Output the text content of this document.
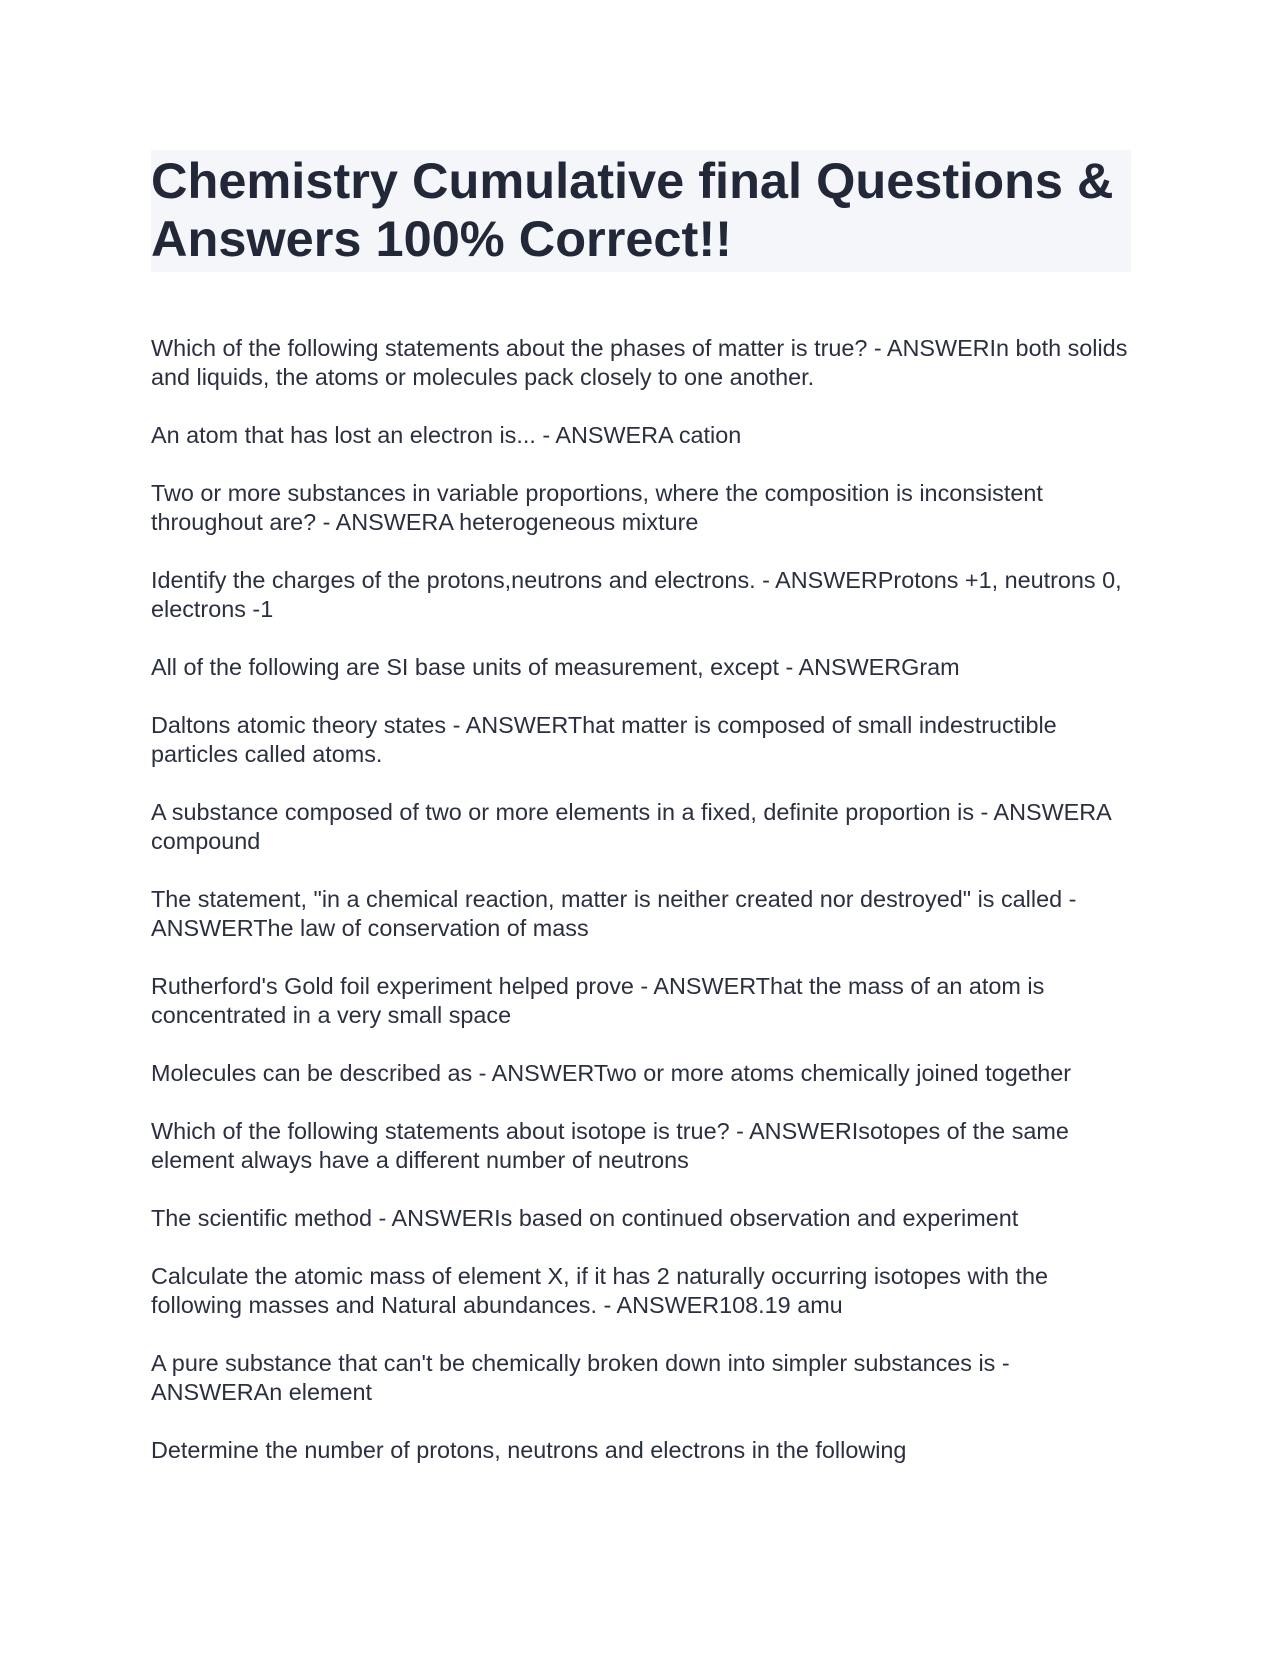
Chemistry Cumulative final Questions & Answers 100% Correct!!

Which of the following statements about the phases of matter is true? - ANSWERIn both solids and liquids, the atoms or molecules pack closely to one another.

An atom that has lost an electron is... - ANSWERA cation

Two or more substances in variable proportions, where the composition is inconsistent throughout are? - ANSWERA heterogeneous mixture

Identify the charges of the protons,neutrons and electrons. - ANSWERProtons +1, neutrons 0, electrons -1

All of the following are SI base units of measurement, except - ANSWERGram

Daltons atomic theory states - ANSWERThat matter is composed of small indestructible particles called atoms.

A substance composed of two or more elements in a fixed, definite proportion is - ANSWERA compound

The statement, "in a chemical reaction, matter is neither created nor destroyed" is called - ANSWERThe law of conservation of mass

Rutherford's Gold foil experiment helped prove - ANSWERThat the mass of an atom is concentrated in a very small space

Molecules can be described as - ANSWERTwo or more atoms chemically joined together

Which of the following statements about isotope is true? - ANSWERIsotopes of the same element always have a different number of neutrons

The scientific method - ANSWERIs based on continued observation and experiment

Calculate the atomic mass of element X, if it has 2 naturally occurring isotopes with the following masses and Natural abundances. - ANSWER108.19 amu

A pure substance that can't be chemically broken down into simpler substances is - ANSWERAn element

Determine the number of protons, neutrons and electrons in the following
